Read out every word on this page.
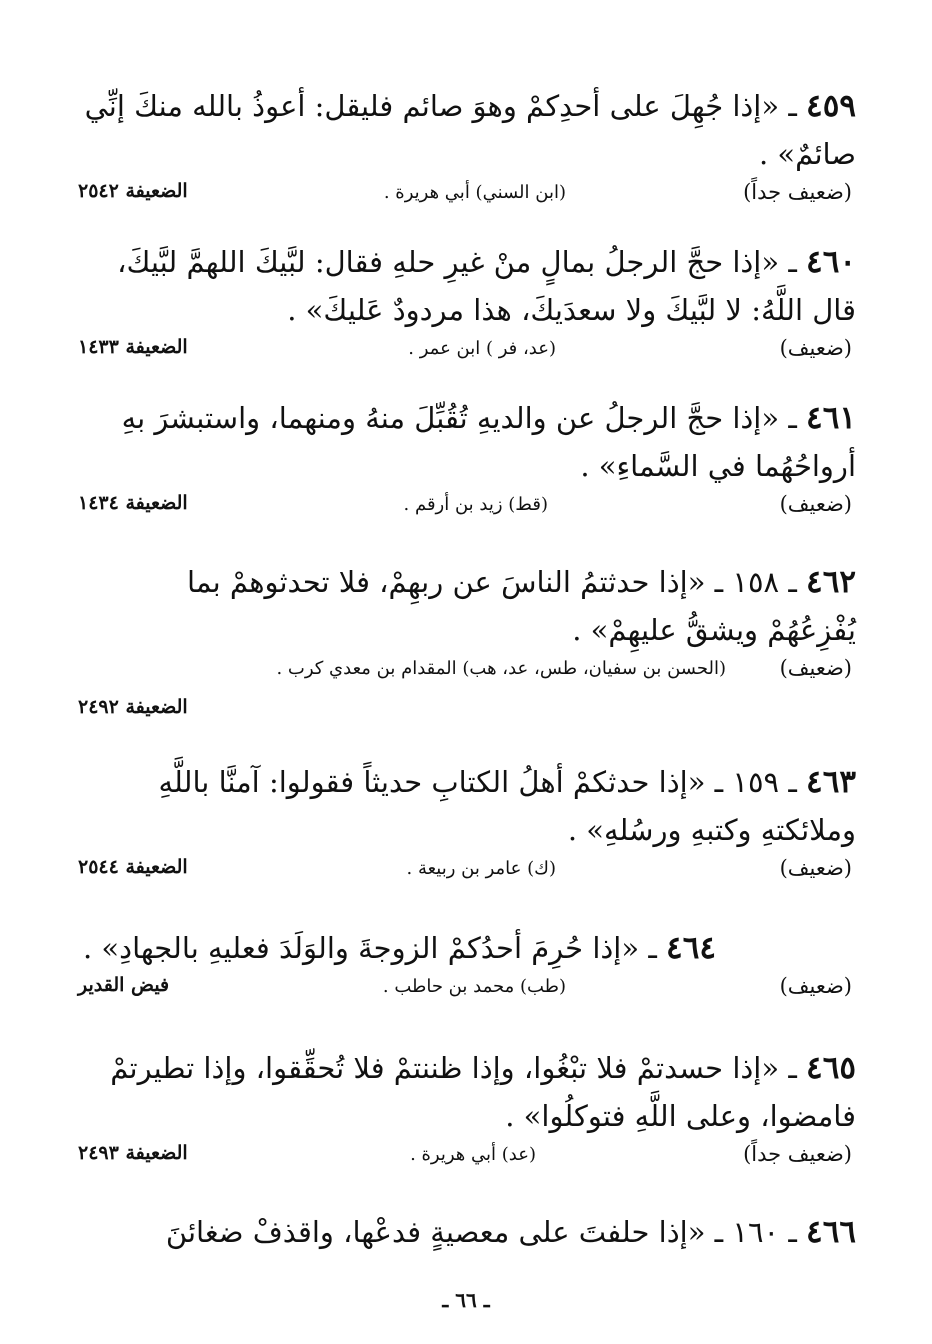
٤٥٩ ـ «إذا جُهِلَ على أحدِكمْ وهوَ صائم فليقل: أعوذُ بالله منكَ إنِّي
صائمٌ» .

(ضعيف جداً)
(ابن السني) أبي هريرة .
الضعيفة ٢٥٤٢

٤٦٠ ـ «إذا حجَّ الرجلُ بمالٍ منْ غيرِ حلهِ فقال: لبَّيكَ اللهمَّ لبَّيكَ،
قال اللَّهُ: لا لبَّيكَ ولا سعدَيكَ، هذا مردودٌ عَليكَ» .

(ضعيف)
(عد، فر ) ابن عمر .
الضعيفة ١٤٣٣

٤٦١ ـ «إذا حجَّ الرجلُ عن والديهِ تُقُبِّلَ منهُ ومنهما، واستبشرَ بهِ
أرواحُهُما في السَّماءِ» .

(ضعيف)
(قط) زيد بن أرقم .
الضعيفة ١٤٣٤

٤٦٢ ـ ١٥٨ ـ «إذا حدثتمُ الناسَ عن ربهِمْ، فلا تحدثوهمْ بما
يُفْزِعُهُمْ ويشقُّ عليهِمْ» .

(ضعيف)
(الحسن بن سفيان، طس، عد، هب) المقدام بن معدي كرب .
الضعيفة ٢٤٩٢

٤٦٣ ـ ١٥٩ ـ «إذا حدثكمْ أهلُ الكتابِ حديثاً فقولوا: آمنَّا باللَّهِ
وملائكتهِ وكتبهِ ورسُلهِ» .

(ضعيف)
(ك) عامر بن ربيعة .
الضعيفة ٢٥٤٤

٤٦٤ ـ «إذا حُرِمَ أحدُكمْ الزوجةَ والوَلَدَ فعليهِ بالجهادِ» .

(ضعيف)
(طب) محمد بن حاطب .
فيض القدير

٤٦٥ ـ «إذا حسدتمْ فلا تبْغُوا، وإذا ظننتمْ فلا تُحقِّقوا، وإذا تطيرتمْ
فامضوا، وعلى اللَّهِ فتوكلُوا» .

(ضعيف جداً)
(عد) أبي هريرة .
الضعيفة ٢٤٩٣

٤٦٦ ـ ١٦٠ ـ «إذا حلفتَ على معصيةٍ فدعْها، واقذفْ ضغائنَ

ـ ٦٦ ـ
